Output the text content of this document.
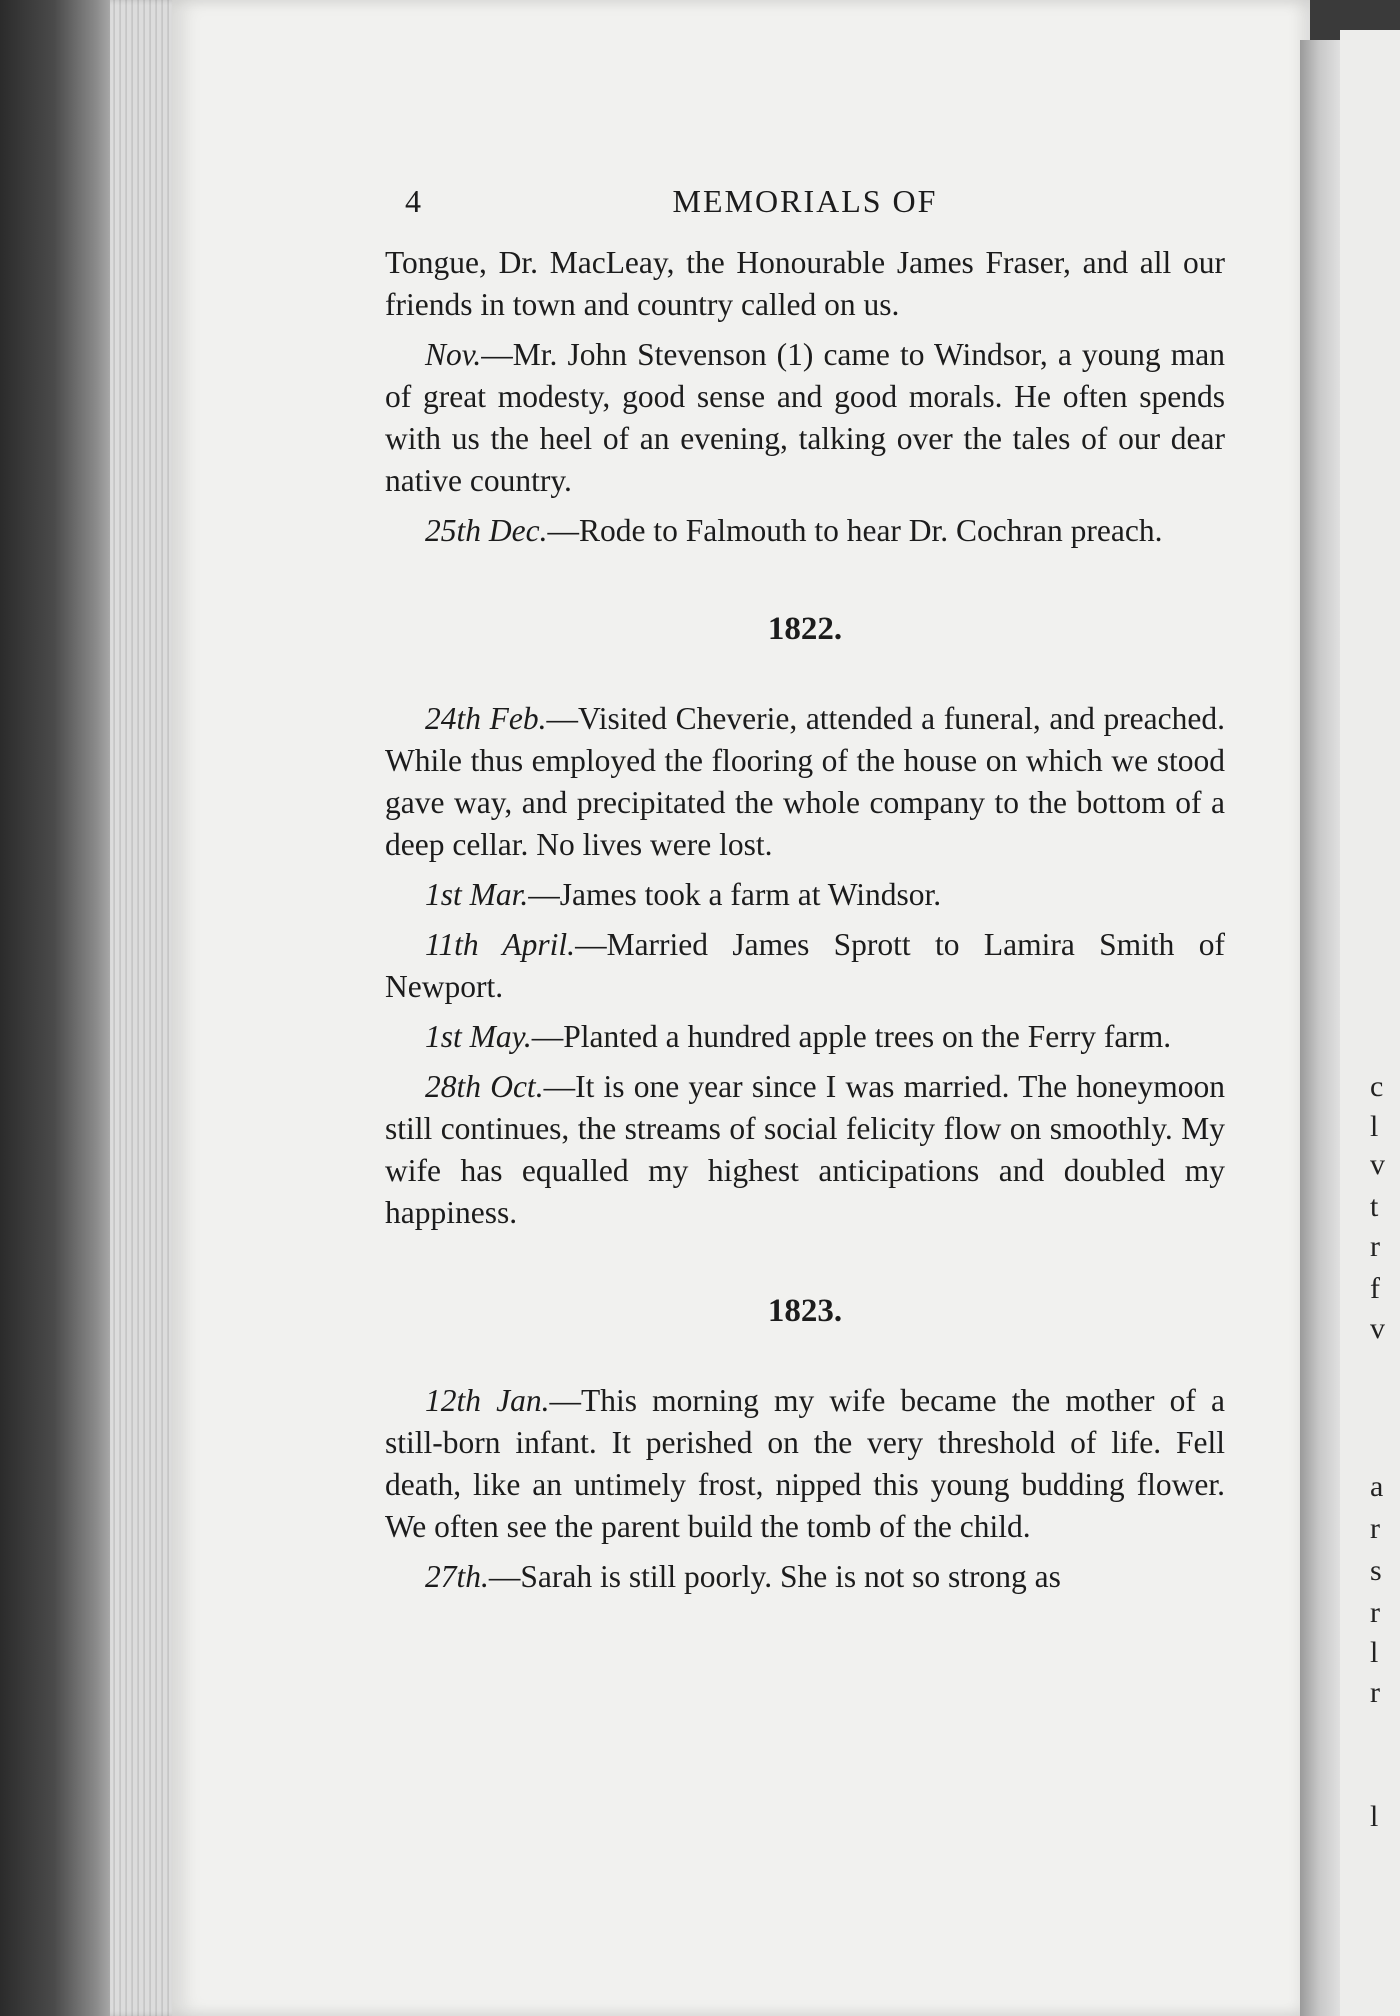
c
l
v
t
r
f
v
a
r
s
r
l
r
l
4	MEMORIALS OF

Tongue, Dr. MacLeay, the Honourable James Fraser, and all our friends in town and country called on us.

Nov.—Mr. John Stevenson (1) came to Windsor, a young man of great modesty, good sense and good morals. He often spends with us the heel of an evening, talking over the tales of our dear native country.

25th Dec.—Rode to Falmouth to hear Dr. Cochran preach.

1822.

24th Feb.—Visited Cheverie, attended a funeral, and preached. While thus employed the flooring of the house on which we stood gave way, and precipitated the whole company to the bottom of a deep cellar. No lives were lost.

1st Mar.—James took a farm at Windsor.

11th April.—Married James Sprott to Lamira Smith of Newport.

1st May.—Planted a hundred apple trees on the Ferry farm.

28th Oct.—It is one year since I was married. The honeymoon still continues, the streams of social felicity flow on smoothly. My wife has equalled my highest anticipations and doubled my happiness.

1823.

12th Jan.—This morning my wife became the mother of a still-born infant. It perished on the very threshold of life. Fell death, like an untimely frost, nipped this young budding flower. We often see the parent build the tomb of the child.

27th.—Sarah is still poorly. She is not so strong as
